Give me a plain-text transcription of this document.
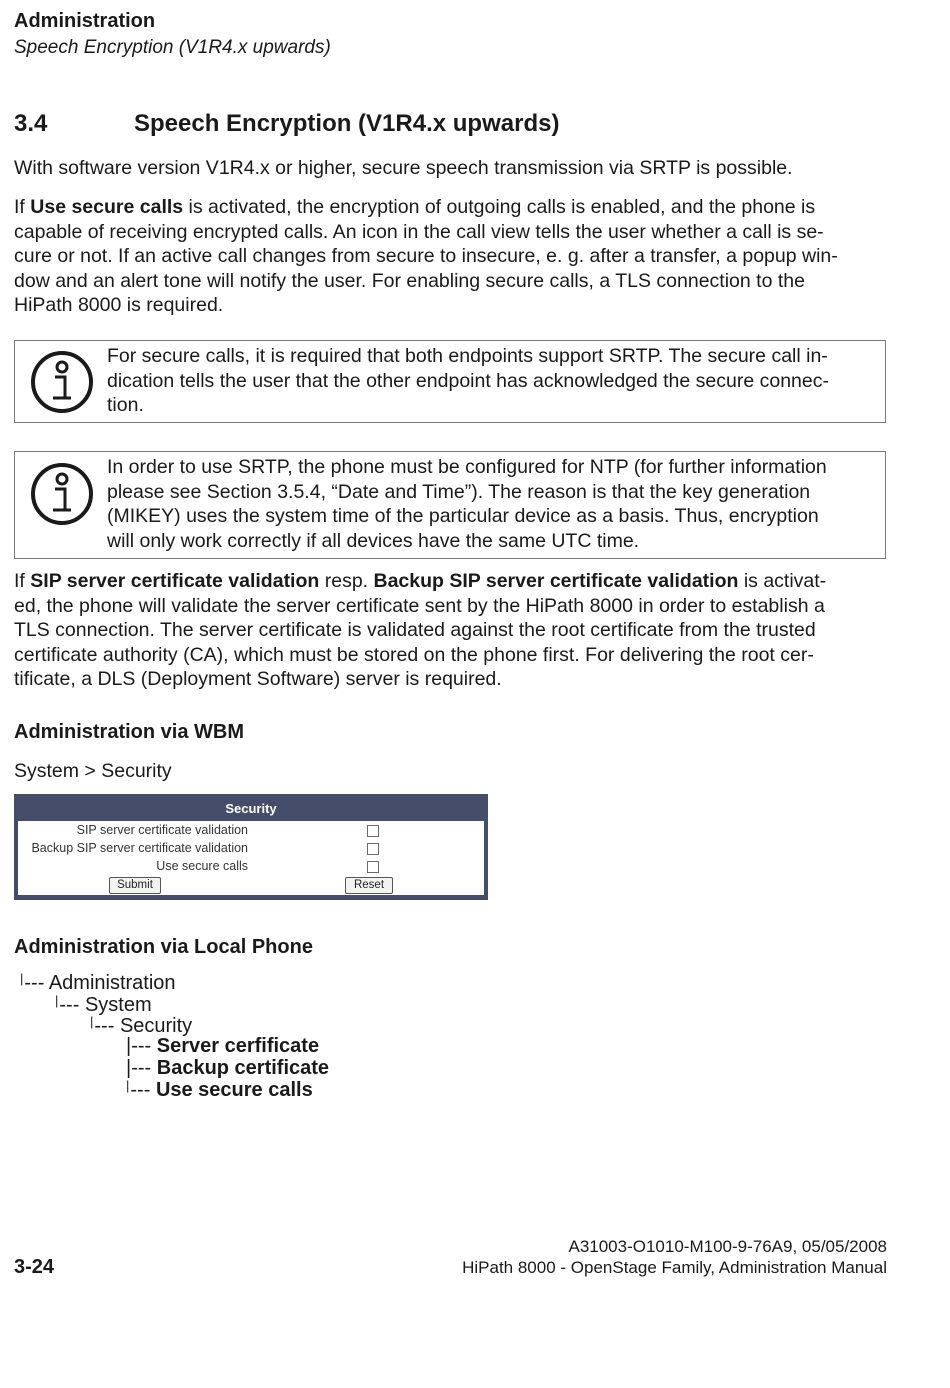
Administration
Speech Encryption (V1R4.x upwards)
3.4	Speech Encryption (V1R4.x upwards)
With software version V1R4.x or higher, secure speech transmission via SRTP is possible.
If Use secure calls is activated, the encryption of outgoing calls is enabled, and the phone is
capable of receiving encrypted calls. An icon in the call view tells the user whether a call is se-
cure or not. If an active call changes from secure to insecure, e. g. after a transfer, a popup win-
dow and an alert tone will notify the user. For enabling secure calls, a TLS connection to the
HiPath 8000 is required.
For secure calls, it is required that both endpoints support SRTP. The secure call in-
dication tells the user that the other endpoint has acknowledged the secure connec-
tion.
In order to use SRTP, the phone must be configured for NTP (for further information
please see Section 3.5.4, “Date and Time”). The reason is that the key generation
(MIKEY) uses the system time of the particular device as a basis. Thus, encryption
will only work correctly if all devices have the same UTC time.
If SIP server certificate validation resp. Backup SIP server certificate validation is activat-
ed, the phone will validate the server certificate sent by the HiPath 8000 in order to establish a
TLS connection. The server certificate is validated against the root certificate from the trusted
certificate authority (CA), which must be stored on the phone first. For delivering the root cer-
tificate, a DLS (Deployment Software) server is required.
Administration via WBM
System > Security
Security
SIP server certificate validation
Backup SIP server certificate validation
Use secure calls
Submit	Reset
Administration via Local Phone
|--- Administration
|--- System
|--- Security
|--- Server cerfificate
|--- Backup certificate
|--- Use secure calls
A31003-O1010-M100-9-76A9, 05/05/2008
HiPath 8000 - OpenStage Family, Administration Manual
3-24
